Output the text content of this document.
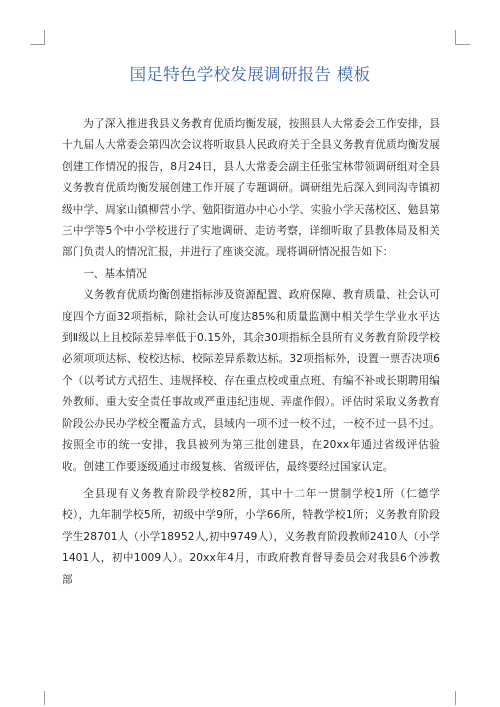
国足特色学校发展调研报告 模板

为了深入推进我县义务教育优质均衡发展，按照县人大常委会工作安排，县十九届人大常委会第四次会议将听取县人民政府关于全县义务教育优质均衡发展创建工作情况的报告，8月24日，县人大常委会副主任张宝林带领调研组对全县义务教育优质均衡发展创建工作开展了专题调研。调研组先后深入到同沟寺镇初级中学、周家山镇柳营小学、勉阳街道办中心小学、实验小学天荡校区、勉县第三中学等5个中小学校进行了实地调研、走访考察，详细听取了县教体局及相关部门负责人的情况汇报，并进行了座谈交流。现将调研情况报告如下：

一、基本情况

义务教育优质均衡创建指标涉及资源配置、政府保障、教育质量、社会认可度四个方面32项指标，除社会认可度达85%和质量监测中相关学生学业水平达到Ⅱ级以上且校际差异率低于0.15外，其余30项指标全县所有义务教育阶段学校必须项项达标、校校达标、校际差异系数达标。32项指标外，设置一票否决项6个（以考试方式招生、违规择校、存在重点校或重点班、有编不补或长期聘用编外教师、重大安全责任事故或严重违纪违规、弄虚作假）。评估时采取义务教育阶段公办民办学校全覆盖方式，县域内一项不过一校不过，一校不过一县不过。按照全市的统一安排，我县被列为第三批创建县，在20xx年通过省级评估验收。创建工作要逐级通过市级复核、省级评估，最终要经过国家认定。

全县现有义务教育阶段学校82所，其中十二年一贯制学校1所（仁德学校），九年制学校5所，初级中学9所，小学66所，特教学校1所；义务教育阶段学生28701人（小学18952人,初中9749人），义务教育阶段教师2410人（小学1401人，初中1009人）。20xx年4月，市政府教育督导委员会对我县6个涉教部
